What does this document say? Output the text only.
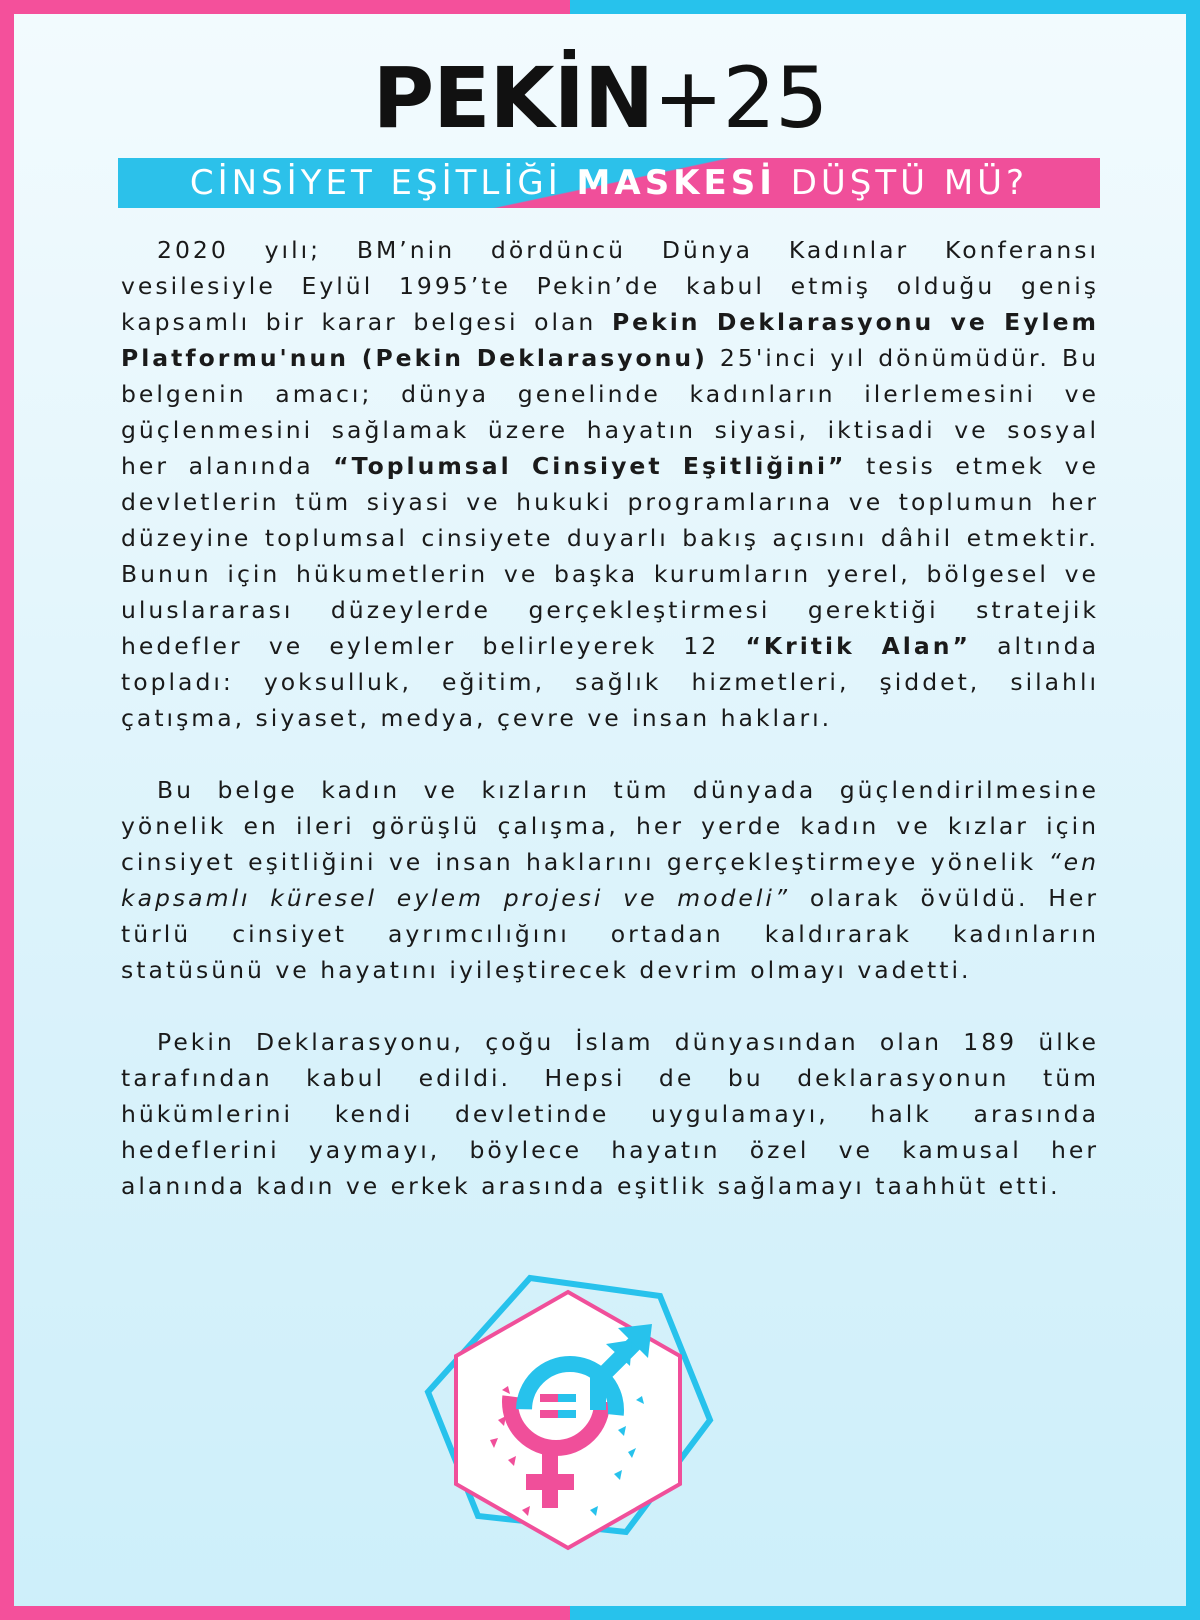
PEKİN+25
CİNSİYET EŞİTLİĞİ MASKESİ DÜŞTÜ MÜ?

2020 yılı; BM’nin dördüncü Dünya Kadınlar Konferansı vesilesiyle Eylül 1995’te Pekin’de kabul etmiş olduğu geniş kapsamlı bir karar belgesi olan Pekin Deklarasyonu ve Eylem Platformu'nun (Pekin Deklarasyonu) 25'inci yıl dönümüdür. Bu belgenin amacı; dünya genelinde kadınların ilerlemesini ve güçlenmesini sağlamak üzere hayatın siyasi, iktisadi ve sosyal her alanında “Toplumsal Cinsiyet Eşitliğini” tesis etmek ve devletlerin tüm siyasi ve hukuki programlarına ve toplumun her düzeyine toplumsal cinsiyete duyarlı bakış açısını dâhil etmektir. Bunun için hükumetlerin ve başka kurumların yerel, bölgesel ve uluslararası düzeylerde gerçekleştirmesi gerektiği stratejik hedefler ve eylemler belirleyerek 12 “Kritik Alan” altında topladı: yoksulluk, eğitim, sağlık hizmetleri, şiddet, silahlı çatışma, siyaset, medya, çevre ve insan hakları.

Bu belge kadın ve kızların tüm dünyada güçlendirilmesine yönelik en ileri görüşlü çalışma, her yerde kadın ve kızlar için cinsiyet eşitliğini ve insan haklarını gerçekleştirmeye yönelik “en kapsamlı küresel eylem projesi ve modeli” olarak övüldü. Her türlü cinsiyet ayrımcılığını ortadan kaldırarak kadınların statüsünü ve hayatını iyileştirecek devrim olmayı vadetti.

Pekin Deklarasyonu, çoğu İslam dünyasından olan 189 ülke tarafından kabul edildi. Hepsi de bu deklarasyonun tüm hükümlerini kendi devletinde uygulamayı, halk arasında hedeflerini yaymayı, böylece hayatın özel ve kamusal her alanında kadın ve erkek arasında eşitlik sağlamayı taahhüt etti.
